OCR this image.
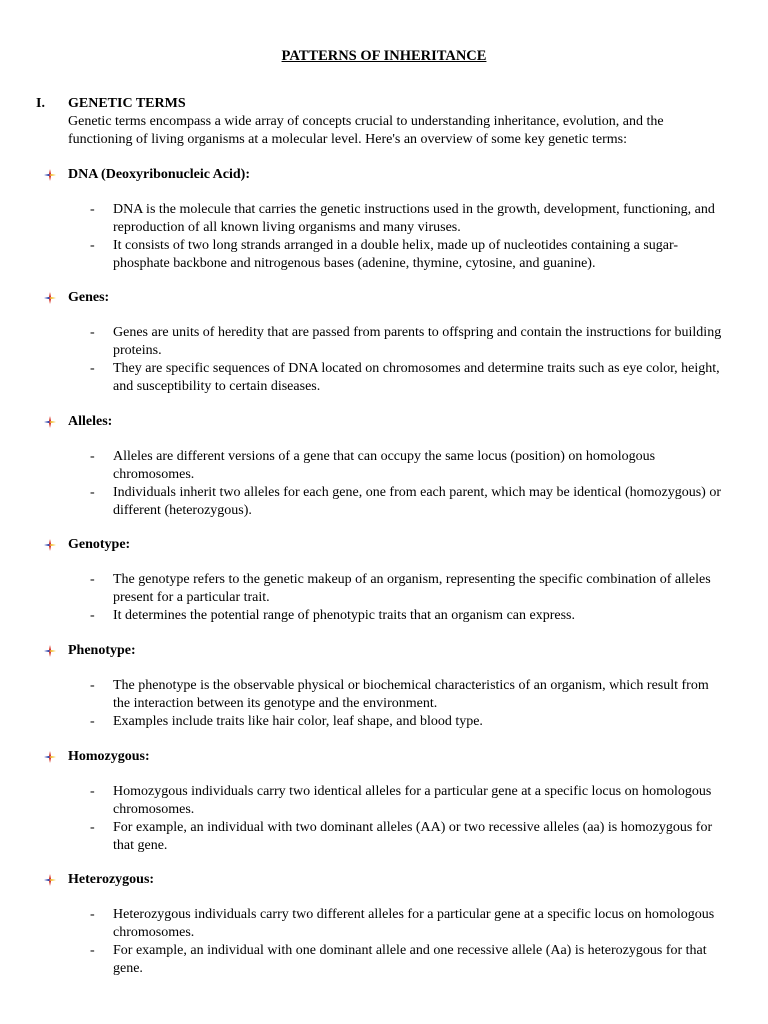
PATTERNS OF INHERITANCE
I. GENETIC TERMS
Genetic terms encompass a wide array of concepts crucial to understanding inheritance, evolution, and the functioning of living organisms at a molecular level. Here's an overview of some key genetic terms:
DNA (Deoxyribonucleic Acid):
- DNA is the molecule that carries the genetic instructions used in the growth, development, functioning, and reproduction of all known living organisms and many viruses.
- It consists of two long strands arranged in a double helix, made up of nucleotides containing a sugar-phosphate backbone and nitrogenous bases (adenine, thymine, cytosine, and guanine).
Genes:
- Genes are units of heredity that are passed from parents to offspring and contain the instructions for building proteins.
- They are specific sequences of DNA located on chromosomes and determine traits such as eye color, height, and susceptibility to certain diseases.
Alleles:
- Alleles are different versions of a gene that can occupy the same locus (position) on homologous chromosomes.
- Individuals inherit two alleles for each gene, one from each parent, which may be identical (homozygous) or different (heterozygous).
Genotype:
- The genotype refers to the genetic makeup of an organism, representing the specific combination of alleles present for a particular trait.
- It determines the potential range of phenotypic traits that an organism can express.
Phenotype:
- The phenotype is the observable physical or biochemical characteristics of an organism, which result from the interaction between its genotype and the environment.
- Examples include traits like hair color, leaf shape, and blood type.
Homozygous:
- Homozygous individuals carry two identical alleles for a particular gene at a specific locus on homologous chromosomes.
- For example, an individual with two dominant alleles (AA) or two recessive alleles (aa) is homozygous for that gene.
Heterozygous:
- Heterozygous individuals carry two different alleles for a particular gene at a specific locus on homologous chromosomes.
- For example, an individual with one dominant allele and one recessive allele (Aa) is heterozygous for that gene.
